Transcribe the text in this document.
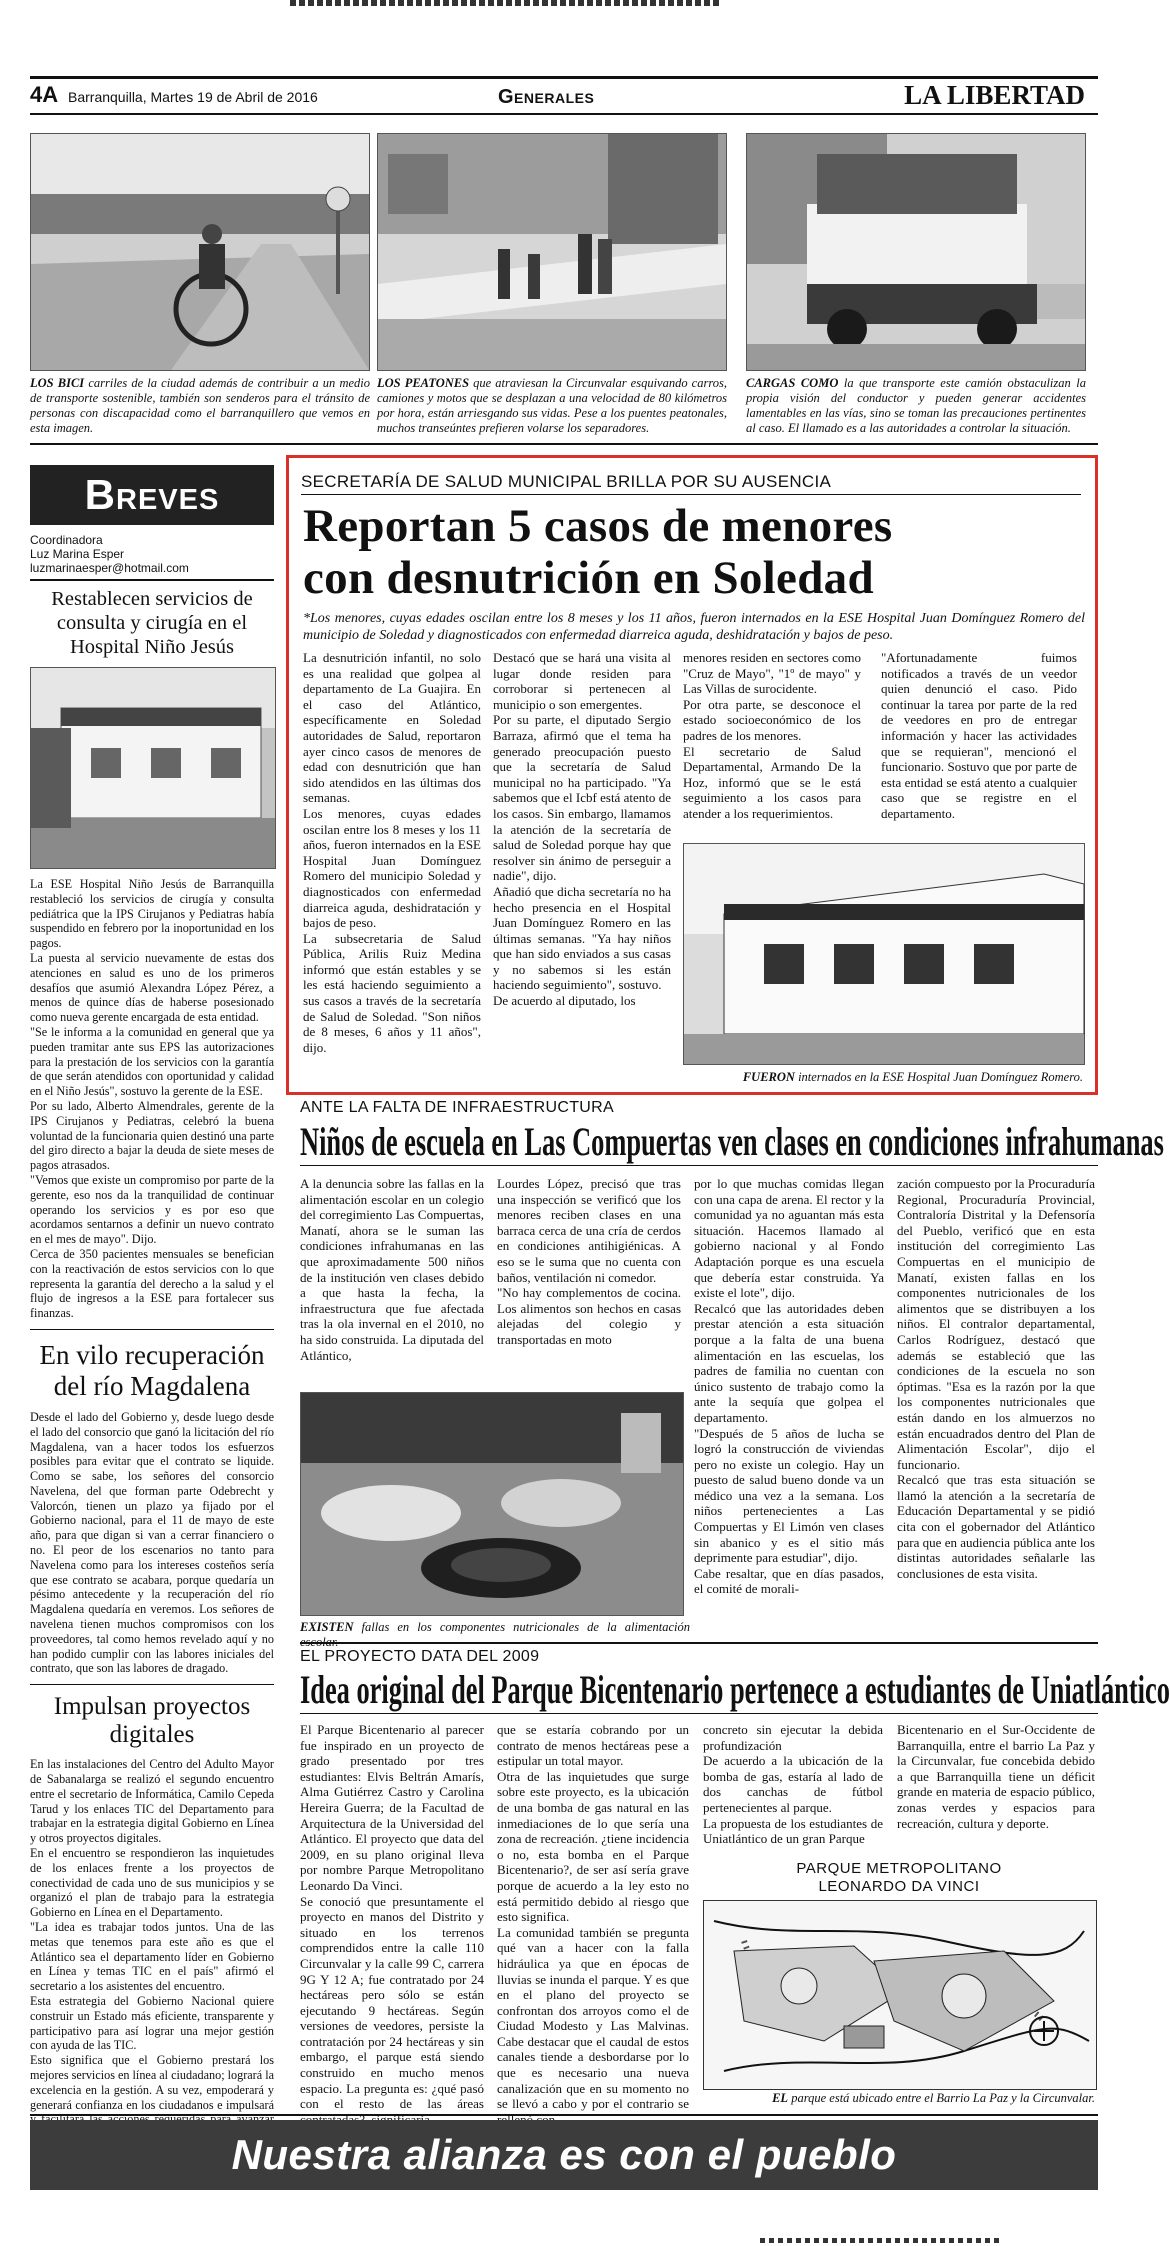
4A Barranquilla, Martes 19 de Abril de 2016	Generales	LA LIBERTAD
LOS BICI carriles de la ciudad además de contribuir a un medio de transporte sostenible, también son senderos para el tránsito de personas con discapacidad como el barranquillero que vemos en esta imagen.
LOS PEATONES que atraviesan la Circunvalar esquivando carros, camiones y motos que se desplazan a una velocidad de 80 kilómetros por hora, están arriesgando sus vidas. Pese a los puentes peatonales, muchos transeúntes prefieren volarse los separadores.
CARGAS COMO la que transporte este camión obstaculizan la propia visión del conductor y pueden generar accidentes lamentables en las vías, sino se toman las precauciones pertinentes al caso. El llamado es a las autoridades a controlar la situación.
Breves
Coordinadora
Luz Marina Esper
luzmarinaesper@hotmail.com
Restablecen servicios de consulta y cirugía en el Hospital Niño Jesús

La ESE Hospital Niño Jesús de Barranquilla restableció los servicios de cirugía y consulta pediátrica que la IPS Cirujanos y Pediatras había suspendido en febrero por la inoportunidad en los pagos.

La puesta al servicio nuevamente de estas dos atenciones en salud es uno de los primeros desafíos que asumió Alexandra López Pérez, a menos de quince días de haberse posesionado como nueva gerente encargada de esta entidad.

"Se le informa a la comunidad en general que ya pueden tramitar ante sus EPS las autorizaciones para la prestación de los servicios con la garantía de que serán atendidos con oportunidad y calidad en el Niño Jesús", sostuvo la gerente de la ESE.

Por su lado, Alberto Almendrales, gerente de la IPS Cirujanos y Pediatras, celebró la buena voluntad de la funcionaria quien destinó una parte del giro directo a bajar la deuda de siete meses de pagos atrasados.

"Vemos que existe un compromiso por parte de la gerente, eso nos da la tranquilidad de continuar operando los servicios y es por eso que acordamos sentarnos a definir un nuevo contrato en el mes de mayo". Dijo.

Cerca de 350 pacientes mensuales se benefician con la reactivación de estos servicios con lo que representa la garantía del derecho a la salud y el flujo de ingresos a la ESE para fortalecer sus finanzas.

En vilo recuperación del río Magdalena

Desde el lado del Gobierno y, desde luego desde el lado del consorcio que ganó la licitación del río Magdalena, van a hacer todos los esfuerzos posibles para evitar que el contrato se liquide. Como se sabe, los señores del consorcio Navelena, del que forman parte Odebrecht y Valorcón, tienen un plazo ya fijado por el Gobierno nacional, para el 11 de mayo de este año, para que digan si van a cerrar financiero o no. El peor de los escenarios no tanto para Navelena como para los intereses costeños sería que ese contrato se acabara, porque quedaría un pésimo antecedente y la recuperación del río Magdalena quedaría en veremos. Los señores de navelena tienen muchos compromisos con los proveedores, tal como hemos revelado aquí y no han podido cumplir con las labores iniciales del contrato, que son las labores de dragado.

Impulsan proyectos digitales

En las instalaciones del Centro del Adulto Mayor de Sabanalarga se realizó el segundo encuentro entre el secretario de Informática, Camilo Cepeda Tarud y los enlaces TIC del Departamento para trabajar en la estrategia digital Gobierno en Línea y otros proyectos digitales.

En el encuentro se respondieron las inquietudes de los enlaces frente a los proyectos de conectividad de cada uno de sus municipios y se organizó el plan de trabajo para la estrategia Gobierno en Línea en el Departamento.

"La idea es trabajar todos juntos. Una de las metas que tenemos para este año es que el Atlántico sea el departamento líder en Gobierno en Línea y temas TIC en el país" afirmó el secretario a los asistentes del encuentro.

Esta estrategia del Gobierno Nacional quiere construir un Estado más eficiente, transparente y participativo para así lograr una mejor gestión con ayuda de las TIC.

Esto significa que el Gobierno prestará los mejores servicios en línea al ciudadano; logrará la excelencia en la gestión. A su vez, empoderará y generará confianza en los ciudadanos e impulsará

SECRETARÍA DE SALUD MUNICIPAL BRILLA POR SU AUSENCIA
Reportan 5 casos de menores
con desnutrición en Soledad
*Los menores, cuyas edades oscilan entre los 8 meses y los 11 años, fueron internados en la ESE Hospital Juan Domínguez Romero del municipio de Soledad y diagnosticados con enfermedad diarreica aguda, deshidratación y bajos de peso.
La desnutrición infantil, no solo es una realidad que golpea al departamento de La Guajira. En el caso del Atlántico, específicamente en Soledad autoridades de Salud, reportaron ayer cinco casos de menores de edad con desnutrición que han sido atendidos en las últimas dos semanas.
Los menores, cuyas edades oscilan entre los 8 meses y los 11 años, fueron internados en la ESE Hospital Juan Domínguez Romero del municipio Soledad y diagnosticados con enfermedad diarreica aguda, deshidratación y bajos de peso.
La subsecretaria de Salud Pública, Arilis Ruiz Medina informó que están estables y se les está haciendo seguimiento a sus casos a través de la secretaría de Salud de Soledad. "Son niños de 8 meses, 6 años y 11 años", dijo.
Destacó que se hará una visita al lugar donde residen para corroborar si pertenecen al municipio o son emergentes.
Por su parte, el diputado Sergio Barraza, afirmó que el tema ha generado preocupación puesto que la secretaría de Salud municipal no ha participado. "Ya sabemos que el Icbf está atento de los casos. Sin embargo, llamamos la atención de la secretaría de salud de Soledad porque hay que resolver sin ánimo de perseguir a nadie", dijo.
Añadió que dicha secretaría no ha hecho presencia en el Hospital Juan Domínguez Romero en las últimas semanas. "Ya hay niños que han sido enviados a sus casas y no sabemos si les están haciendo seguimiento", sostuvo.
De acuerdo al diputado, los
menores residen en sectores como "Cruz de Mayo", "1º de mayo" y Las Villas de surocidente.
Por otra parte, se desconoce el estado socioeconómico de los padres de los menores.
El secretario de Salud Departamental, Armando De la Hoz, informó que se le está seguimiento a los casos para atender a los requerimientos.
"Afortunadamente fuimos notificados a través de un veedor quien denunció el caso. Pido continuar la tarea por parte de la red de veedores en pro de entregar información y hacer las actividades que se requieran", mencionó el funcionario. Sostuvo que por parte de esta entidad se está atento a cualquier caso que se registre en el departamento.
FUERON internados en la ESE Hospital Juan Domínguez Romero.
ANTE LA FALTA DE INFRAESTRUCTURA
Niños de escuela en Las Compuertas ven clases en condiciones infrahumanas
A la denuncia sobre las fallas en la alimentación escolar en un colegio del corregimiento Las Compuertas, Manatí, ahora se le suman las condiciones infrahumanas en las que aproximadamente 500 niños de la institución ven clases debido a que hasta la fecha, la infraestructura que fue afectada tras la ola invernal en el 2010, no ha sido construida. La diputada del Atlántico,
Lourdes López, precisó que tras una inspección se verificó que los menores reciben clases en una barraca cerca de una cría de cerdos en condiciones antihigiénicas. A eso se le suma que no cuenta con baños, ventilación ni comedor.
"No hay complementos de cocina. Los alimentos son hechos en casas alejadas del colegio y transportadas en moto
por lo que muchas comidas llegan con una capa de arena. El rector y la comunidad ya no aguantan más esta situación. Hacemos llamado al gobierno nacional y al Fondo Adaptación porque es una escuela que debería estar construida. Ya existe el lote", dijo.
Recalcó que las autoridades deben prestar atención a esta situación porque a la falta de una buena alimentación en las escuelas, los padres de familia no cuentan con único sustento de trabajo como la ante la sequía que golpea el departamento.
"Después de 5 años de lucha se logró la construcción de viviendas pero no existe un colegio. Hay un puesto de salud bueno donde va un médico una vez a la semana. Los niños pertenecientes a Las Compuertas y El Limón ven clases sin abanico y es el sitio más deprimente para estudiar", dijo.
Cabe resaltar, que en días pasados, el comité de morali-
zación compuesto por la Procuraduría Regional, Procuraduría Provincial, Contraloría Distrital y la Defensoría del Pueblo, verificó que en esta institución del corregimiento Las Compuertas en el municipio de Manatí, existen fallas en los componentes nutricionales de los alimentos que se distribuyen a los niños. El contralor departamental, Carlos Rodríguez, destacó que además se estableció que las condiciones de la escuela no son óptimas. "Esa es la razón por la que los componentes nutricionales que están dando en los almuerzos no están encuadrados dentro del Plan de Alimentación Escolar", dijo el funcionario.
Recalcó que tras esta situación se llamó la atención a la secretaría de Educación Departamental y se pidió cita con el gobernador del Atlántico para que en audiencia pública ante los distintas autoridades señalarle las conclusiones de esta visita.
EXISTEN fallas en los componentes nutricionales de la alimentación
EL PROYECTO DATA DEL 2009
Idea original del Parque Bicentenario pertenece a estudiantes de Uniatlántico
El Parque Bicentenario al parecer fue inspirado en un proyecto de grado presentado por tres estudiantes: Elvis Beltrán Amarís, Alma Gutiérrez Castro y Carolina Hereira Guerra; de la Facultad de Arquitectura de la Universidad del Atlántico. El proyecto que data del 2009, en su plano original lleva por nombre Parque Metropolitano Leonardo Da Vinci.
Se conoció que presuntamente el proyecto en manos del Distrito y situado en los terrenos comprendidos entre la calle 110 Circunvalar y la calle 99 C, carrera 9G Y 12 A; fue contratado por 24 hectáreas pero sólo se están ejecutando 9 hectáreas. Según versiones de veedores, persiste la contratación por 24 hectáreas y sin embargo, el parque está siendo construido en mucho menos espacio. La pregunta es: ¿qué pasó con el resto de las áreas
que se estaría cobrando por un contrato de menos hectáreas pese a estipular un total mayor.
Otra de las inquietudes que surge sobre este proyecto, es la ubicación de una bomba de gas natural en las inmediaciones de lo que sería una zona de recreación. ¿tiene incidencia o no, esta bomba en el Parque Bicentenario?, de ser así sería grave porque de acuerdo a la ley esto no está permitido debido al riesgo que esto significa.
La comunidad también se pregunta qué van a hacer con la falla hidráulica ya que en épocas de lluvias se inunda el parque. Y es que en el plano del proyecto se confrontan dos arroyos como el de Ciudad Modesto y Las Malvinas. Cabe destacar que el caudal de estos canales tiende a desbordarse por lo que es necesario una nueva canalización que en su momento no se llevó a cabo y por el contrario se
concreto sin ejecutar la debida profundización
De acuerdo a la ubicación de la bomba de gas, estaría al lado de dos canchas de fútbol pertenecientes al parque.
La propuesta de los estudiantes de Uniatlántico de un gran Parque
Bicentenario en el Sur-Occidente de Barranquilla, entre el barrio La Paz y la Circunvalar, fue concebida debido a que Barranquilla tiene un déficit grande en materia de espacio público, zonas verdes y espacios para recreación, cultura y deporte.
PARQUE METROPOLITANO
LEONARDO DA VINCI
EL parque está ubicado entre el Barrio La Paz y la Circunvalar.
Nuestra alianza es con el pueblo
